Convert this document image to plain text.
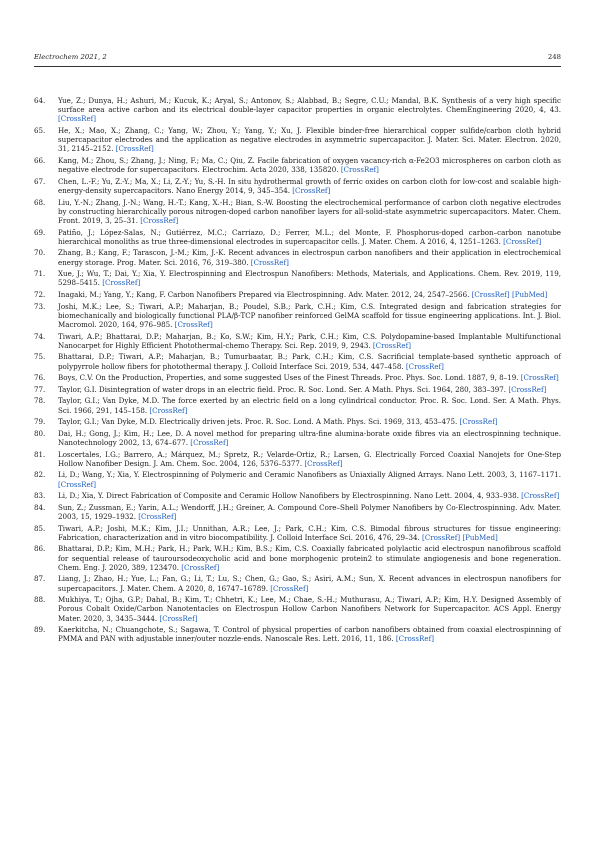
Electrochem 2021, 2	248
64. Yue, Z.; Dunya, H.; Ashuri, M.; Kucuk, K.; Aryal, S.; Antonov, S.; Alabbad, B.; Segre, C.U.; Mandal, B.K. Synthesis of a very high specific surface area active carbon and its electrical double-layer capacitor properties in organic electrolytes. ChemEngineering 2020, 4, 43. [CrossRef]
65. He, X.; Mao, X.; Zhang, C.; Yang, W.; Zhou, Y.; Yang, Y.; Xu, J. Flexible binder-free hierarchical copper sulfide/carbon cloth hybrid supercapacitor electrodes and the application as negative electrodes in asymmetric supercapacitor. J. Mater. Sci. Mater. Electron. 2020, 31, 2145–2152. [CrossRef]
66. Kang, M.; Zhou, S.; Zhang, J.; Ning, F.; Ma, C.; Qiu, Z. Facile fabrication of oxygen vacancy-rich α-Fe2O3 microspheres on carbon cloth as negative electrode for supercapacitors. Electrochim. Acta 2020, 338, 135820. [CrossRef]
67. Chen, L.-F.; Yu, Z.-Y.; Ma, X.; Li, Z.-Y.; Yu, S.-H. In situ hydrothermal growth of ferric oxides on carbon cloth for low-cost and scalable high-energy-density supercapacitors. Nano Energy 2014, 9, 345–354. [CrossRef]
68. Liu, Y.-N.; Zhang, J.-N.; Wang, H.-T.; Kang, X.-H.; Bian, S.-W. Boosting the electrochemical performance of carbon cloth negative electrodes by constructing hierarchically porous nitrogen-doped carbon nanofiber layers for all-solid-state asymmetric supercapacitors. Mater. Chem. Front. 2019, 3, 25–31. [CrossRef]
69. Patiño, J.; López-Salas, N.; Gutiérrez, M.C.; Carriazo, D.; Ferrer, M.L.; del Monte, F. Phosphorus-doped carbon–carbon nanotube hierarchical monoliths as true three-dimensional electrodes in supercapacitor cells. J. Mater. Chem. A 2016, 4, 1251–1263. [CrossRef]
70. Zhang, B.; Kang, F.; Tarascon, J.-M.; Kim, J.-K. Recent advances in electrospun carbon nanofibers and their application in electrochemical energy storage. Prog. Mater. Sci. 2016, 76, 319–380. [CrossRef]
71. Xue, J.; Wu, T.; Dai, Y.; Xia, Y. Electrospinning and Electrospun Nanofibers: Methods, Materials, and Applications. Chem. Rev. 2019, 119, 5298–5415. [CrossRef]
72. Inagaki, M.; Yang, Y.; Kang, F. Carbon Nanofibers Prepared via Electrospinning. Adv. Mater. 2012, 24, 2547–2566. [CrossRef] [PubMed]
73. Joshi, M.K.; Lee, S.; Tiwari, A.P.; Maharjan, B.; Poudel, S.B.; Park, C.H.; Kim, C.S. Integrated design and fabrication strategies for biomechanically and biologically functional PLA/β-TCP nanofiber reinforced GelMA scaffold for tissue engineering applications. Int. J. Biol. Macromol. 2020, 164, 976–985. [CrossRef]
74. Tiwari, A.P.; Bhattarai, D.P.; Maharjan, B.; Ko, S.W.; Kim, H.Y.; Park, C.H.; Kim, C.S. Polydopamine-based Implantable Multifunctional Nanocarpet for Highly Efficient Photothermal-chemo Therapy. Sci. Rep. 2019, 9, 2943. [CrossRef]
75. Bhattarai, D.P.; Tiwari, A.P.; Maharjan, B.; Tumurbaatar, B.; Park, C.H.; Kim, C.S. Sacrificial template-based synthetic approach of polypyrrole hollow fibers for photothermal therapy. J. Colloid Interface Sci. 2019, 534, 447–458. [CrossRef]
76. Boys, C.V. On the Production, Properties, and some suggested Uses of the Finest Threads. Proc. Phys. Soc. Lond. 1887, 9, 8–19. [CrossRef]
77. Taylor, G.I. Disintegration of water drops in an electric field. Proc. R. Soc. Lond. Ser. A Math. Phys. Sci. 1964, 280, 383–397. [CrossRef]
78. Taylor, G.I.; Van Dyke, M.D. The force exerted by an electric field on a long cylindrical conductor. Proc. R. Soc. Lond. Ser. A Math. Phys. Sci. 1966, 291, 145–158. [CrossRef]
79. Taylor, G.I.; Van Dyke, M.D. Electrically driven jets. Proc. R. Soc. Lond. A Math. Phys. Sci. 1969, 313, 453–475. [CrossRef]
80. Dai, H.; Gong, J.; Kim, H.; Lee, D. A novel method for preparing ultra-fine alumina-borate oxide fibres via an electrospinning technique. Nanotechnology 2002, 13, 674–677. [CrossRef]
81. Loscertales, I.G.; Barrero, A.; Márquez, M.; Spretz, R.; Velarde-Ortiz, R.; Larsen, G. Electrically Forced Coaxial Nanojets for One-Step Hollow Nanofiber Design. J. Am. Chem. Soc. 2004, 126, 5376–5377. [CrossRef]
82. Li, D.; Wang, Y.; Xia, Y. Electrospinning of Polymeric and Ceramic Nanofibers as Uniaxially Aligned Arrays. Nano Lett. 2003, 3, 1167–1171. [CrossRef]
83. Li, D.; Xia, Y. Direct Fabrication of Composite and Ceramic Hollow Nanofibers by Electrospinning. Nano Lett. 2004, 4, 933–938. [CrossRef]
84. Sun, Z.; Zussman, E.; Yarin, A.L.; Wendorff, J.H.; Greiner, A. Compound Core–Shell Polymer Nanofibers by Co-Electrospinning. Adv. Mater. 2003, 15, 1929–1932. [CrossRef]
85. Tiwari, A.P.; Joshi, M.K.; Kim, J.I.; Unnithan, A.R.; Lee, J.; Park, C.H.; Kim, C.S. Bimodal fibrous structures for tissue engineering: Fabrication, characterization and in vitro biocompatibility. J. Colloid Interface Sci. 2016, 476, 29–34. [CrossRef] [PubMed]
86. Bhattarai, D.P.; Kim, M.H.; Park, H.; Park, W.H.; Kim, B.S.; Kim, C.S. Coaxially fabricated polylactic acid electrospun nanofibrous scaffold for sequential release of tauroursodeoxycholic acid and bone morphogenic protein2 to stimulate angiogenesis and bone regeneration. Chem. Eng. J. 2020, 389, 123470. [CrossRef]
87. Liang, J.; Zhao, H.; Yue, L.; Fan, G.; Li, T.; Lu, S.; Chen, G.; Gao, S.; Asiri, A.M.; Sun, X. Recent advances in electrospun nanofibers for supercapacitors. J. Mater. Chem. A 2020, 8, 16747–16789. [CrossRef]
88. Mukhiya, T.; Ojha, G.P.; Dahal, B.; Kim, T.; Chhetri, K.; Lee, M.; Chae, S.-H.; Muthurasu, A.; Tiwari, A.P.; Kim, H.Y. Designed Assembly of Porous Cobalt Oxide/Carbon Nanotentacles on Electrospun Hollow Carbon Nanofibers Network for Supercapacitor. ACS Appl. Energy Mater. 2020, 3, 3435–3444. [CrossRef]
89. Kaerkitcha, N.; Chuangchote, S.; Sagawa, T. Control of physical properties of carbon nanofibers obtained from coaxial electrospinning of PMMA and PAN with adjustable inner/outer nozzle-ends. Nanoscale Res. Lett. 2016, 11, 186. [CrossRef]
